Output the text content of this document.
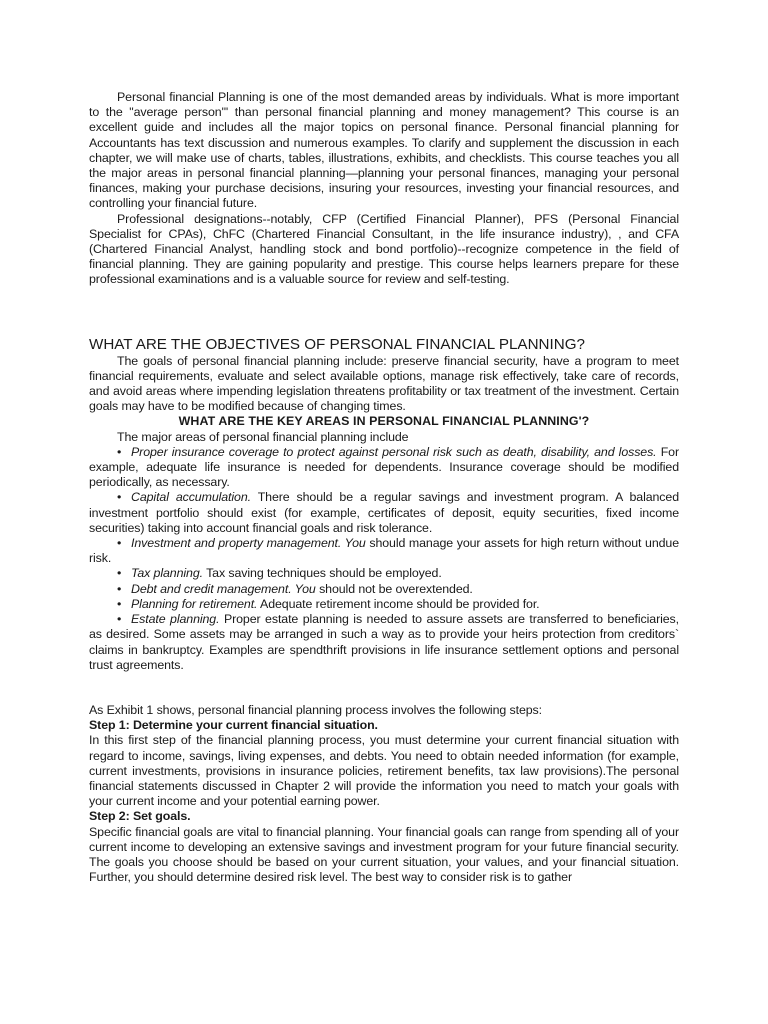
Personal financial Planning is one of the most demanded areas by individuals. What is more important to the "average person"' than personal financial planning and money management? This course is an excellent guide and includes all the major topics on personal finance. Personal financial planning for Accountants has text discussion and numerous examples. To clarify and supplement the discussion in each chapter, we will make use of charts, tables, illustrations, exhibits, and checklists. This course teaches you all the major areas in personal financial planning—planning your personal finances, managing your personal finances, making your purchase decisions, insuring your resources, investing your financial resources, and controlling your financial future.

Professional designations--notably, CFP (Certified Financial Planner), PFS (Personal Financial Specialist for CPAs), ChFC (Chartered Financial Consultant, in the life insurance industry), , and CFA (Chartered Financial Analyst, handling stock and bond portfolio)--recognize competence in the field of financial planning. They are gaining popularity and prestige. This course helps learners prepare for these professional examinations and is a valuable source for review and self-testing.

WHAT ARE THE OBJECTIVES OF PERSONAL FINANCIAL PLANNING?

The goals of personal financial planning include: preserve financial security, have a program to meet financial requirements, evaluate and select available options, manage risk effectively, take care of records, and avoid areas where impending legislation threatens profitability or tax treatment of the investment. Certain goals may have to be modified because of changing times.

WHAT ARE THE KEY AREAS IN PERSONAL FINANCIAL PLANNING'?

The major areas of personal financial planning include

• Proper insurance coverage to protect against personal risk such as death, disability, and losses. For example, adequate life insurance is needed for dependents. Insurance coverage should be modified periodically, as necessary.

• Capital accumulation. There should be a regular savings and investment program. A balanced investment portfolio should exist (for example, certificates of deposit, equity securities, fixed income securities) taking into account financial goals and risk tolerance.

• Investment and property management. You should manage your assets for high return without undue risk.

• Tax planning. Tax saving techniques should be employed.

• Debt and credit management. You should not be overextended.

• Planning for retirement. Adequate retirement income should be provided for.

• Estate planning. Proper estate planning is needed to assure assets are transferred to beneficiaries, as desired. Some assets may be arranged in such a way as to provide your heirs protection from creditors` claims in bankruptcy. Examples are spendthrift provisions in life insurance settlement options and personal trust agreements.

As Exhibit 1 shows, personal financial planning process involves the following steps:

Step 1: Determine your current financial situation.

In this first step of the financial planning process, you must determine your current financial situation with regard to income, savings, living expenses, and debts. You need to obtain needed information (for example, current investments, provisions in insurance policies, retirement benefits, tax law provisions).The personal financial statements discussed in Chapter 2 will provide the information you need to match your goals with your current income and your potential earning power.

Step 2: Set goals.

Specific financial goals are vital to financial planning. Your financial goals can range from spending all of your current income to developing an extensive savings and investment program for your future financial security. The goals you choose should be based on your current situation, your values, and your financial situation. Further, you should determine desired risk level. The best way to consider risk is to gather
